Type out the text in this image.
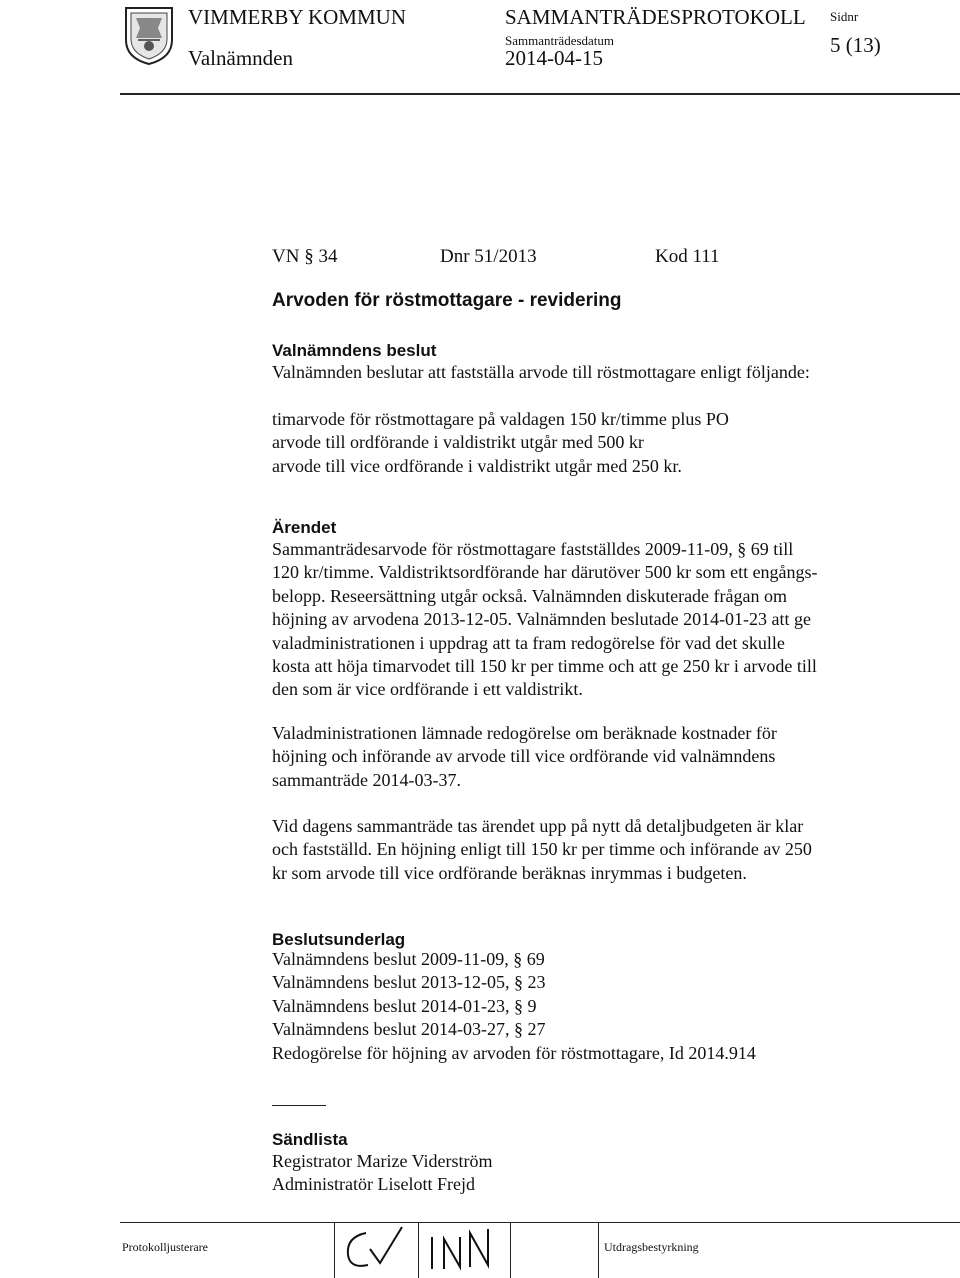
VIMMERBY KOMMUN	SAMMANTRÄDESPROTOKOLL Sidnr
5 (13)
Valnämnden
Sammanträdesdatum
2014-04-15
VN § 34	Dnr 51/2013	Kod 111
Arvoden för röstmottagare - revidering
Valnämndens beslut
Valnämnden beslutar att fastställa arvode till röstmottagare enligt följande:
timarvode för röstmottagare på valdagen 150 kr/timme plus PO
arvode till ordförande i valdistrikt utgår med 500 kr
arvode till vice ordförande i valdistrikt utgår med 250 kr.
Ärendet
Sammanträdesarvode för röstmottagare fastställdes 2009-11-09, § 69 till
120 kr/timme. Valdistriktsordförande har därutöver 500 kr som ett engångs-
belopp. Reseersättning utgår också. Valnämnden diskuterade frågan om
höjning av arvodena 2013-12-05. Valnämnden beslutade 2014-01-23 att ge
valadministrationen i uppdrag att ta fram redogörelse för vad det skulle
kosta att höja timarvodet till 150 kr per timme och att ge 250 kr i arvode till
den som är vice ordförande i ett valdistrikt.
Valadministrationen lämnade redogörelse om beräknade kostnader för
höjning och införande av arvode till vice ordförande vid valnämndens
sammanträde 2014-03-37.
Vid dagens sammanträde tas ärendet upp på nytt då detaljbudgeten är klar
och fastställd. En höjning enligt till 150 kr per timme och införande av 250
kr som arvode till vice ordförande beräknas inrymmas i budgeten.
Beslutsunderlag
Valnämndens beslut 2009-11-09, § 69
Valnämndens beslut 2013-12-05, § 23
Valnämndens beslut 2014-01-23, § 9
Valnämndens beslut 2014-03-27, § 27
Redogörelse för höjning av arvoden för röstmottagare, Id 2014.914
Sändlista
Registrator Marize Viderström
Administratör Liselott Frejd
Protokolljusterare	Utdragsbestyrkning
